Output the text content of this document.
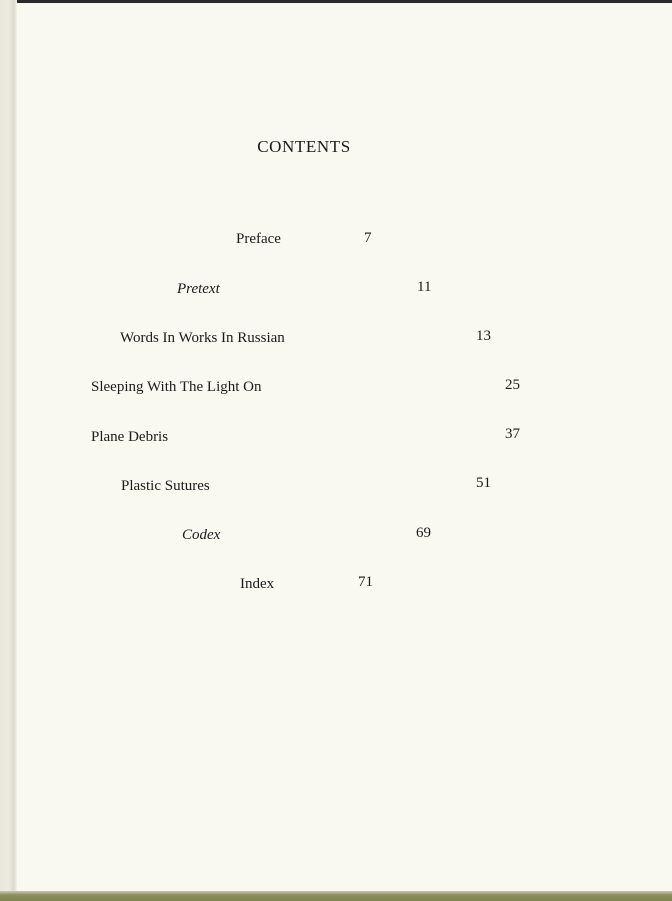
CONTENTS
Preface	7
Pretext	11
Words In Works In Russian	13
Sleeping With The Light On	25
Plane Debris	37
Plastic Sutures	51
Codex	69
Index	71
